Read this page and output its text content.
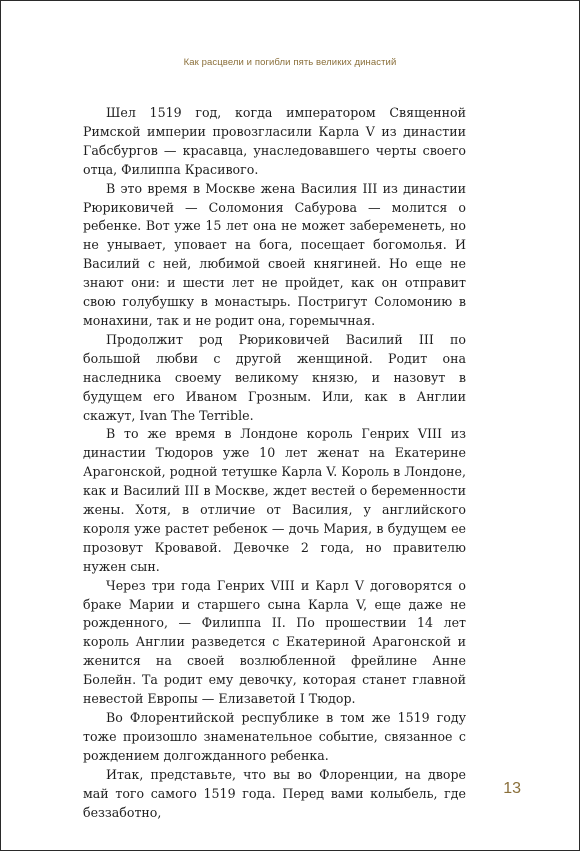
Как расцвели и погибли пять великих династий

Шел 1519 год, когда императором Священной Римской империи провозгласили Карла V из династии Габсбургов — красавца, унаследовавшего черты своего отца, Филиппа Красивого.

В это время в Москве жена Василия III из династии Рюриковичей — Соломония Сабурова — молится о ребенке. Вот уже 15 лет она не может забеременеть, но не унывает, уповает на бога, посещает богомолья. И Василий с ней, любимой своей княгиней. Но еще не знают они: и шести лет не пройдет, как он отправит свою голубушку в монастырь. Постригут Соломонию в монахини, так и не родит она, горемычная.

Продолжит род Рюриковичей Василий III по большой любви с другой женщиной. Родит она наследника своему великому князю, и назовут в будущем его Иваном Грозным. Или, как в Англии скажут, Ivan The Terrible.

В то же время в Лондоне король Генрих VIII из династии Тюдоров уже 10 лет женат на Екатерине Арагонской, родной тетушке Карла V. Король в Лондоне, как и Василий III в Москве, ждет вестей о беременности жены. Хотя, в отличие от Василия, у английского короля уже растет ребенок — дочь Мария, в будущем ее прозовут Кровавой. Девочке 2 года, но правителю нужен сын.

Через три года Генрих VIII и Карл V договорятся о браке Марии и старшего сына Карла V, еще даже не рожденного, — Филиппа II. По прошествии 14 лет король Англии разведется с Екатериной Арагонской и женится на своей возлюбленной фрейлине Анне Болейн. Та родит ему девочку, которая станет главной невестой Европы — Елизаветой I Тюдор.

Во Флорентийской республике в том же 1519 году тоже произошло знаменательное событие, связанное с рождением долгожданного ребенка.

Итак, представьте, что вы во Флоренции, на дворе май того самого 1519 года. Перед вами колыбель, где беззаботно,

13
